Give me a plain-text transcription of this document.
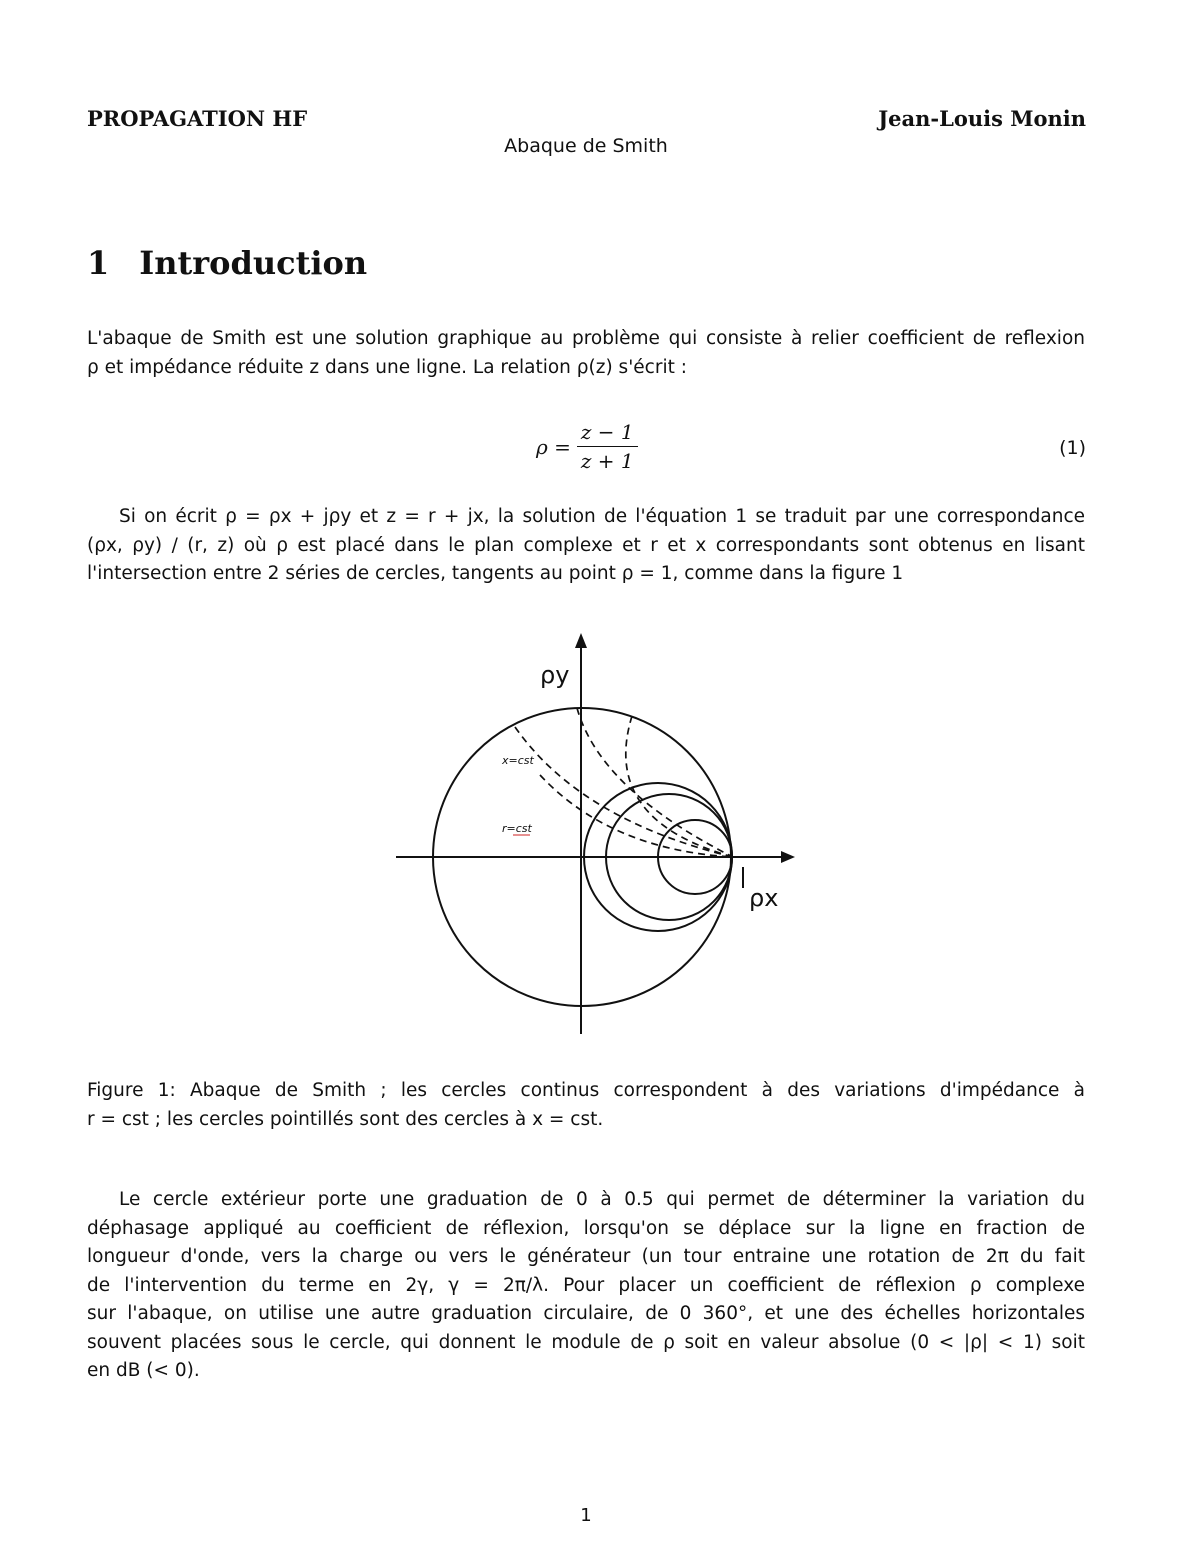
PROPAGATION HF	Jean-Louis Monin
Abaque de Smith
1 Introduction
L'abaque de Smith est une solution graphique au problème qui consiste à relier coefficient de reflexion
ρ et impédance réduite z dans une ligne. La relation ρ(z) s'écrit :
$\rho = \frac{z - 1}{z + 1}$	(1)
Si on écrit ρ = ρx + jρy et z = r + jx, la solution de l'équation 1 se traduit par une correspondance
(ρx, ρy) / (r, z) où ρ est placé dans le plan complexe et r et x correspondants sont obtenus en lisant
l'intersection entre 2 séries de cercles, tangents au point ρ = 1, comme dans la figure 1
ρy
ρx
x=cst
r=cst
Figure 1: Abaque de Smith ; les cercles continus correspondent à des variations d'impédance à
r = cst ; les cercles pointillés sont des cercles à x = cst.
Le cercle extérieur porte une graduation de 0 à 0.5 qui permet de déterminer la variation du
déphasage appliqué au coefficient de réflexion, lorsqu'on se déplace sur la ligne en fraction de
longueur d'onde, vers la charge ou vers le générateur (un tour entraine une rotation de 2π du fait
de l'intervention du terme en 2γ, γ = 2π/λ. Pour placer un coefficient de réflexion ρ complexe
sur l'abaque, on utilise une autre graduation circulaire, de 0 360°, et une des échelles horizontales
souvent placées sous le cercle, qui donnent le module de ρ soit en valeur absolue (0 < |ρ| < 1) soit
en dB (< 0).
1
